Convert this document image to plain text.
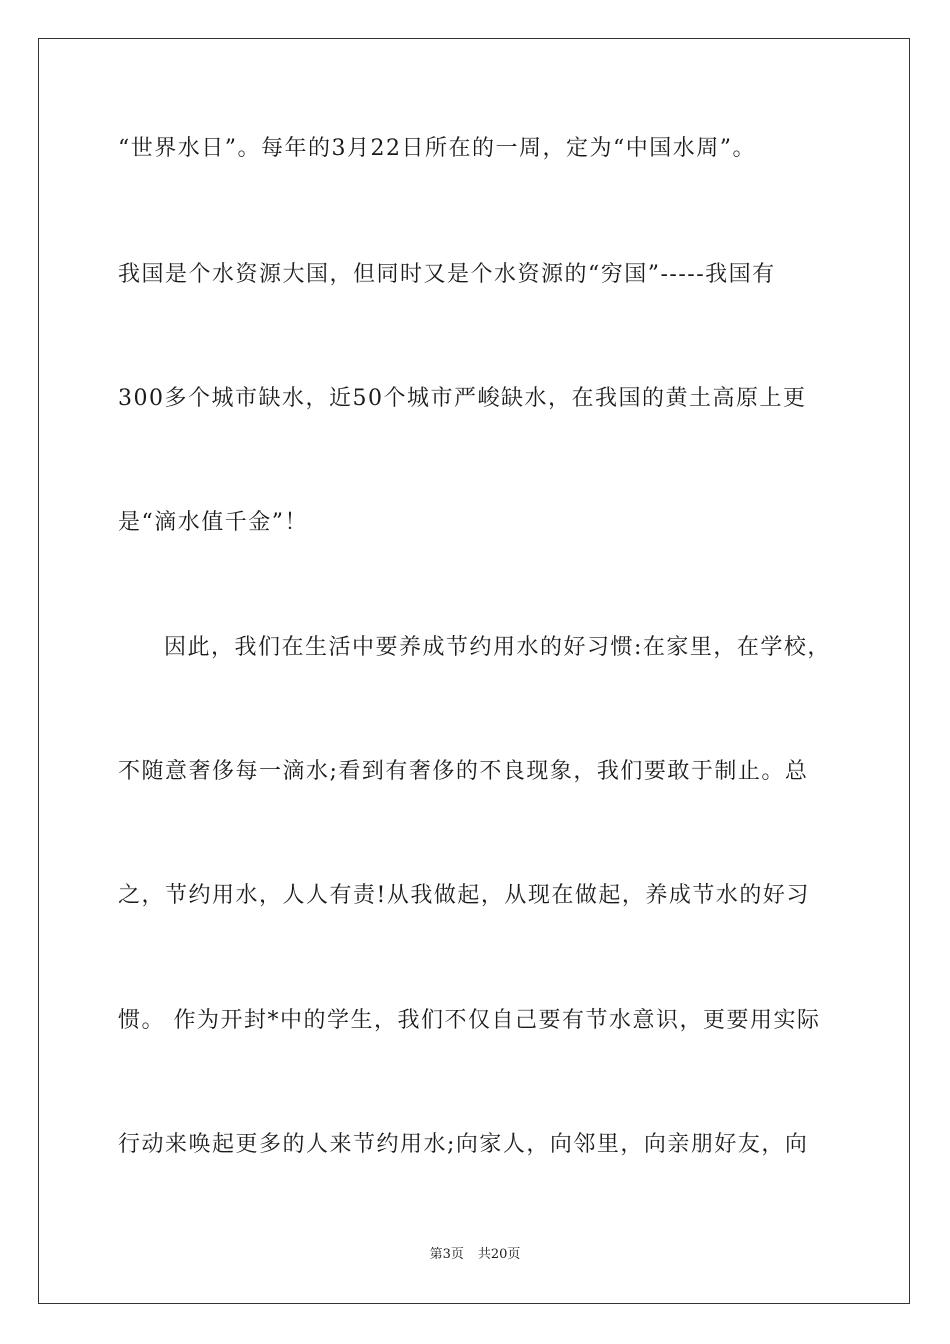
“世界水日”。每年的3月22日所在的一周，定为“中国水周”。
我国是个水资源大国，但同时又是个水资源的“穷国”-----我国有
300多个城市缺水，近50个城市严峻缺水，在我国的黄土高原上更
是“滴水值千金”！
因此，我们在生活中要养成节约用水的好习惯:在家里，在学校，
不随意奢侈每一滴水;看到有奢侈的不良现象，我们要敢于制止。总
之，节约用水，人人有责!从我做起，从现在做起，养成节水的好习
惯。 作为开封*中的学生，我们不仅自己要有节水意识，更要用实际
行动来唤起更多的人来节约用水;向家人，向邻里，向亲朋好友，向
第3页 共20页
